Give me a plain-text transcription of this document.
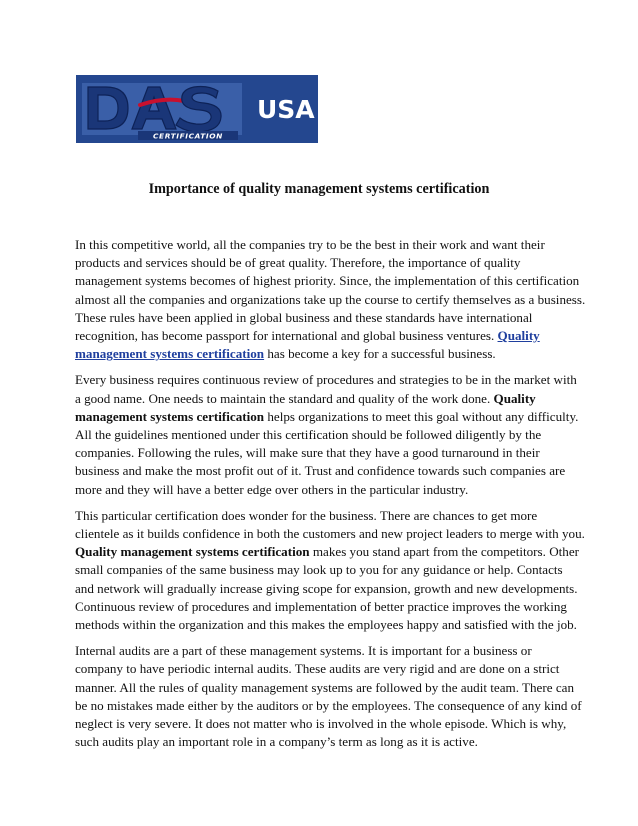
CERTIFICATION
USA
Importance of quality management systems certification
In this competitive world, all the companies try to be the best in their work and want their
products and services should be of great quality. Therefore, the importance of quality
management systems becomes of highest priority. Since, the implementation of this certification
almost all the companies and organizations take up the course to certify themselves as a business.
These rules have been applied in global business and these standards have international
recognition, has become passport for international and global business ventures. Quality
management systems certification has become a key for a successful business.
Every business requires continuous review of procedures and strategies to be in the market with
a good name. One needs to maintain the standard and quality of the work done. Quality
management systems certification helps organizations to meet this goal without any difficulty.
All the guidelines mentioned under this certification should be followed diligently by the
companies. Following the rules, will make sure that they have a good turnaround in their
business and make the most profit out of it. Trust and confidence towards such companies are
more and they will have a better edge over others in the particular industry.
This particular certification does wonder for the business. There are chances to get more
clientele as it builds confidence in both the customers and new project leaders to merge with you.
Quality management systems certification makes you stand apart from the competitors. Other
small companies of the same business may look up to you for any guidance or help. Contacts
and network will gradually increase giving scope for expansion, growth and new developments.
Continuous review of procedures and implementation of better practice improves the working
methods within the organization and this makes the employees happy and satisfied with the job.
Internal audits are a part of these management systems. It is important for a business or
company to have periodic internal audits. These audits are very rigid and are done on a strict
manner. All the rules of quality management systems are followed by the audit team. There can
be no mistakes made either by the auditors or by the employees. The consequence of any kind of
neglect is very severe. It does not matter who is involved in the whole episode. Which is why,
such audits play an important role in a company’s term as long as it is active.
